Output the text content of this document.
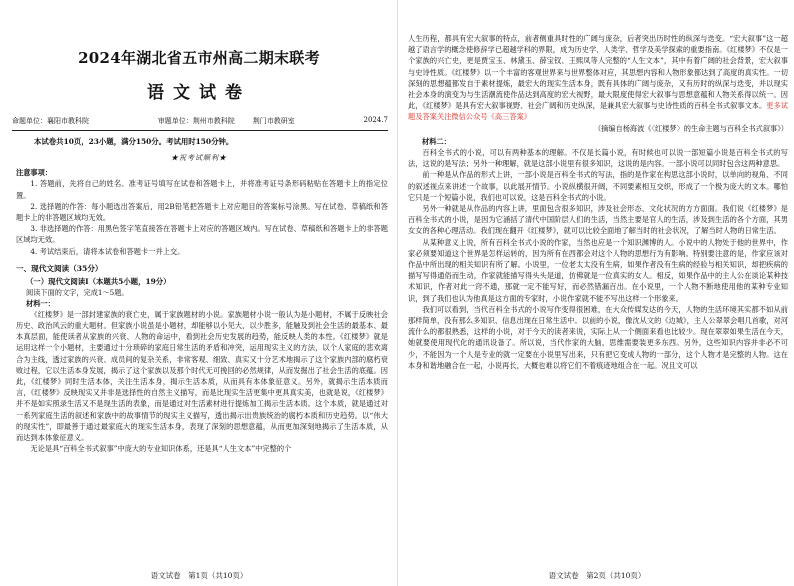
2024年湖北省五市州高二期末联考
语文试卷
命题单位：襄阳市教科院	审题单位：荆州市教科院	荆门市教研室	2024.7
本试卷共10页，23小题，满分150分。考试用时150分钟。
★祝考试顺利★
注意事项：

1. 答题前，先将自己的姓名、准考证号填写在试卷和答题卡上，并将准考证号条形码粘贴在答题卡上的指定位置。

2. 选择题的作答：每小题选出答案后，用2B铅笔把答题卡上对应题目的答案标号涂黑。写在试卷、草稿纸和答题卡上的非答题区域均无效。

3. 非选择题的作答：用黑色签字笔直接答在答题卡上对应的答题区域内。写在试卷、草稿纸和答题卡上的非答题区域均无效。

4. 考试结束后，请将本试卷和答题卡一并上交。

一、现代文阅读（35分）
（一）现代文阅读Ⅰ（本题共5小题，19分）
阅读下面的文字，完成1～5题。
材料一：

《红楼梦》是一部封建家族的衰亡史，属于家族题材的小说。家族题材小说一般认为是小题材，不属于反映社会历史、政治风云的重大题材。但家族小说虽是小题材，却能够以小见大，以少胜多，能触及到社会生活的最基本、最本真层面，能使读者从家族的兴衰、人物的命运中，看到社会历史发展的趋势，能反映人类的本性。《红楼梦》就是运用这样一个小题材，主要通过十分琐碎的家庭日常生活的矛盾和冲突，运用现实主义的方法，以个人家庭的悲欢离合为主线，透过家族的兴衰、成员间的复杂关系，非常客观、细致、真实又十分艺术地揭示了这个家族内部的腐朽衰败过程，它以生活本身发展，揭示了这个家族以及那个时代无可挽回的必然规律，从而发掘出了社会生活的底蕴。因此，《红楼梦》同时生活本体，关注生活本身，揭示生活本质，从而具有本体象征意义。另外，就揭示生活本质而言，《红楼梦》反映现实又并非是选择性的自然主义描写，而是比现实生活更集中更具真实美，也就是说，《红楼梦》并不是如实照录生活又不是现生活的表象，而是通过对生活素材进行提炼加工揭示生活本质。这个本质，就是通过对一系列家庭生活的叙述和家族中的故事情节的现实主义描写，透出揭示出贵族统治的腐朽本质和历史趋势。以“伟大的现实性”，即最善于通过最家庭大的现实生活本身，表现了深刻的思想意蕴，从而更加深刻地揭示了生活本质，从而达到本体象征意义。

无论是具“百科全书式叙事”中庞大的专业知识体系，还是具“人生文本”中完整的个

语文试卷　第1页（共10页）

人生历程，都具有宏大叙事的特点，前者侧重具时性的广阔与庞杂，后者突出历时性的纵深与迭变。“宏大叙事”这一超越了语言学的概念使修辞学已超越学科的界限，成为历史学、人类学、哲学及美学探索的重要指南。《红楼梦》不仅是一个家族的兴亡史，更是贾宝玉、林黛玉、薛宝钗、王熙凤等人完整的“人生文本”，其中有着广阔的社会背景，宏大叙事与史诗性质。《红楼梦》以一个丰富的客观世界来与世界整体对应，其思想内容和人物形象都达到了高度的真实性。一切深刻的思想蕴都发自于素材提炼，最宏大的现实生活本身，既有具体的广阔与庞杂，又有历时的纵深与迭变，并以现实社会本身的演变为与生活潮流使作品达到高度的宏大视野，最大限度使得宏大叙事与思想意蕴和人物关系得以统一。因此，《红楼梦》是具有宏大叙事视野、社会广阔和历史纵深，是兼具宏大叙事与史诗性质的百科全书式叙事文本。更多试题及答案关注微信公众号《高三答案》

（摘编自杨海波《〈红楼梦〉的生命主题与百科全书式叙事》）
材料二：

百科全书式的小说，可以有两种基本的理解。不仅是长篇小说，有时候也可以说一部短篇小说是百科全书式的写法，这说的是写法；另外一种理解，就是这部小说里有很多知识，这说的是内容。一部小说可以同时包含这两种意思。

前一种是从作品的形式上讲，一部小说是百科全书式的写法，指的是作家在构思这部小说时，以单向的视角、不同的叙述视点来讲述一个故事，以此展开情节。小说纵横很开阔，不同要素相互交织，形成了一个极为庞大的文本。哪怕它只是一个短篇小说，我们也可以说，这是百科全书式的小说。

另外一种就是从作品的内容上讲，里面包含很多知识，涉及社会形态、文化状况的方方面面。我们说《红楼梦》是百科全书式的小说，是因为它涵括了清代中国阶层人们的生活，当然主要是官人的生活，涉及到生活的各个方面，其男女女的各种心理活动。我们现在翻开《红楼梦》，就可以比较全面地了解当时的社会状况，了解当时人物的日常生活。

从某种意义上说，所有百科全书式小说的作家，当然也应是一个知识渊博的人。小说中的人物处于他的世界中，作家必须要知道这个世界是怎样运转的，因为所有在西都会对这个人物的思想行为有影响。特别要注意的是，作家应该对作品中所出现的相关知识有所了解。小说里，一位老太太没有生病，如果作者没有生病的经验与相关知识，却把疾病的描写写得通俗而生动，作家就能描写得头头是道，仿佛就是一位真实的女人。相反，如果作品中的主人公在谈论某种技术知识，作者对此一窍不通，那就一定不能写好，而必然错漏百出。在小说里，一个人物不断地使用他的某种专业知识，到了我们也认为他真是这方面的专家时，小说作家就不能不写出这样一个形象来。

我们可以看到，当代百科全书式的小说写作变得很困难，在大众传媒发达的今天，人物的生活环境其实都不如从前那样简单，没有那么多知识、信息出现在日常生活中。以前的小说，像沈从文的《边城》，主人公翠翠会唱几首歌，对河流什么的都很熟悉，这样的小说，对于今天的读者来说，实际上从一个侧面来看也比较少。现在翠翠如果生活在今天，她就要使用现代化的通讯设备了。所以说，当代作家的大脑，思维需要装更多东西。另外，这些知识内容并非必不可少，不能因为一个人是专业的就一定要在小说里写出来，只有把它变成人物的一部分，这个人物才是完整的人物。这在本身和谐地融合在一起，小说再长，大概也难以将它们不着痕迹地组合在一起。况且文可以

语文试卷　第2页（共10页）
